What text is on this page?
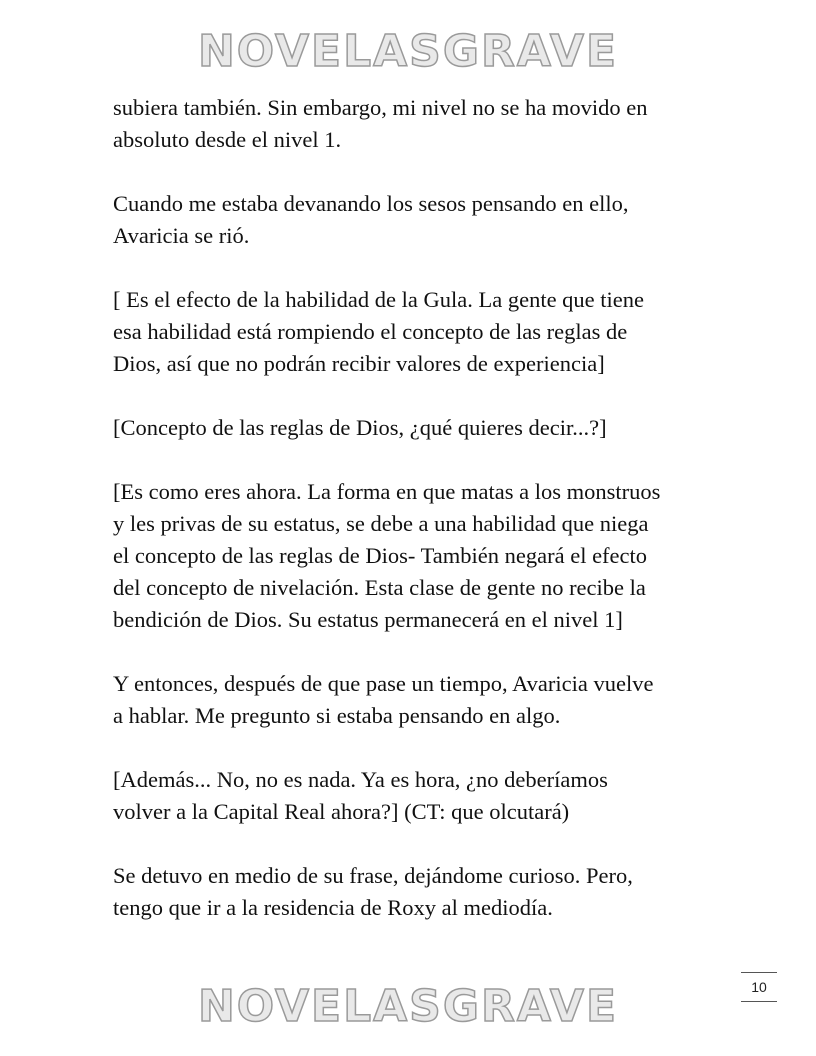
NOVELASGRAVE

subiera también. Sin embargo, mi nivel no se ha movido en
absoluto desde el nivel 1.

Cuando me estaba devanando los sesos pensando en ello,
Avaricia se rió.

[ Es el efecto de la habilidad de la Gula. La gente que tiene
esa habilidad está rompiendo el concepto de las reglas de
Dios, así que no podrán recibir valores de experiencia]

[Concepto de las reglas de Dios, ¿qué quieres decir...?]

[Es como eres ahora. La forma en que matas a los monstruos
y les privas de su estatus, se debe a una habilidad que niega
el concepto de las reglas de Dios- También negará el efecto
del concepto de nivelación. Esta clase de gente no recibe la
bendición de Dios. Su estatus permanecerá en el nivel 1]

Y entonces, después de que pase un tiempo, Avaricia vuelve
a hablar. Me pregunto si estaba pensando en algo.

[Además... No, no es nada. Ya es hora, ¿no deberíamos
volver a la Capital Real ahora?] (CT: que olcutará)

Se detuvo en medio de su frase, dejándome curioso. Pero,
tengo que ir a la residencia de Roxy al mediodía.

10
NOVELASGRAVE
